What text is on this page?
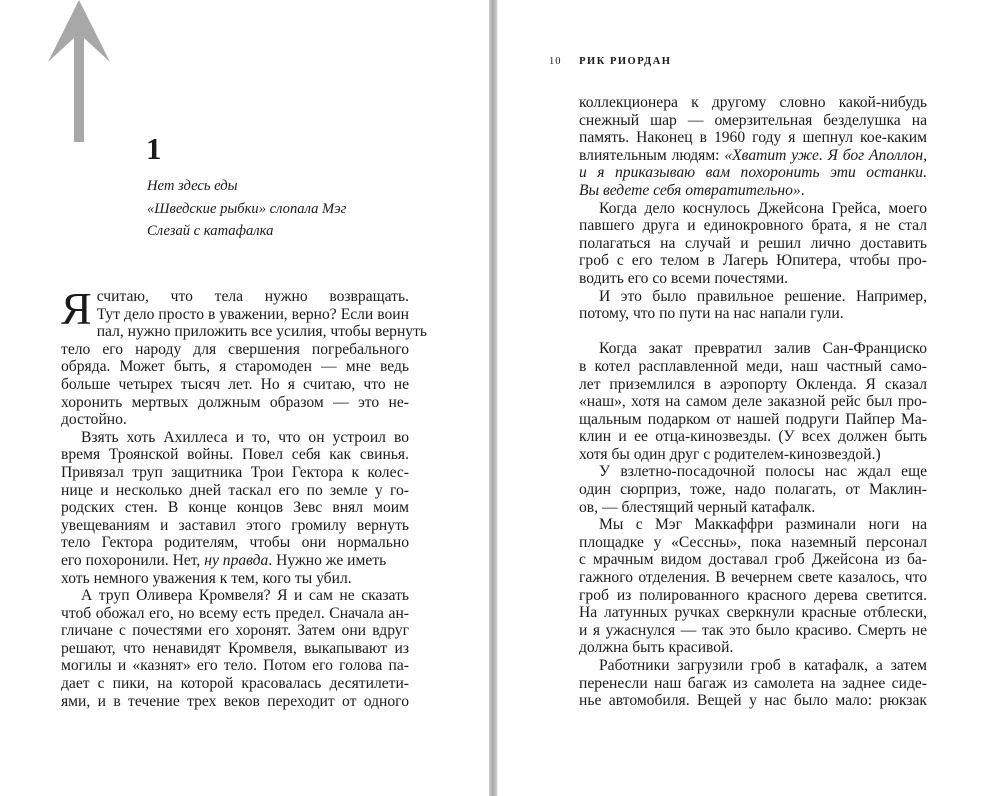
1
Нет здесь еды
«Шведские рыбки» слопала Мэг
Слезай с катафалка
Я считаю, что тела нужно возвращать.
Тут дело просто в уважении, верно? Если воин
пал, нужно приложить все усилия, чтобы вернуть
тело его народу для свершения погребального
обряда. Может быть, я старомоден — мне ведь
больше четырех тысяч лет. Но я считаю, что не
хоронить мертвых должным образом — это не-
достойно.
Взять хоть Ахиллеса и то, что он устроил во
время Троянской войны. Повел себя как свинья.
Привязал труп защитника Трои Гектора к колес-
нице и несколько дней таскал его по земле у го-
родских стен. В конце концов Зевс внял моим
увещеваниям и заставил этого громилу вернуть
тело Гектора родителям, чтобы они нормально
его похоронили. Нет, ну правда. Нужно же иметь
хоть немного уважения к тем, кого ты убил.
А труп Оливера Кромвеля? Я и сам не сказать
чтоб обожал его, но всему есть предел. Сначала ан-
гличане с почестями его хоронят. Затем они вдруг
решают, что ненавидят Кромвеля, выкапывают из
могилы и «казнят» его тело. Потом его голова па-
дает с пики, на которой красовалась десятилети-
ями, и в течение трех веков переходит от одного
10 РИК РИОРДАН
коллекционера к другому словно какой-нибудь
снежный шар — омерзительная безделушка на
память. Наконец в 1960 году я шепнул кое-каким
влиятельным людям: «Хватит уже. Я бог Аполлон,
и я приказываю вам похоронить эти останки.
Вы ведете себя отвратительно».
Когда дело коснулось Джейсона Грейса, моего
павшего друга и единокровного брата, я не стал
полагаться на случай и решил лично доставить
гроб с его телом в Лагерь Юпитера, чтобы про-
водить его со всеми почестями.
И это было правильное решение. Например,
потому, что по пути на нас напали гули.
Когда закат превратил залив Сан-Франциско
в котел расплавленной меди, наш частный само-
лет приземлился в аэропорту Окленда. Я сказал
«наш», хотя на самом деле заказной рейс был про-
щальным подарком от нашей подруги Пайпер Ма-
клин и ее отца-кинозвезды. (У всех должен быть
хотя бы один друг с родителем-кинозвездой.)
У взлетно-посадочной полосы нас ждал еще
один сюрприз, тоже, надо полагать, от Маклин-
ов, — блестящий черный катафалк.
Мы с Мэг Маккаффри разминали ноги на
площадке у «Сессны», пока наземный персонал
с мрачным видом доставал гроб Джейсона из ба-
гажного отделения. В вечернем свете казалось, что
гроб из полированного красного дерева светится.
На латунных ручках сверкнули красные отблески,
и я ужаснулся — так это было красиво. Смерть не
должна быть красивой.
Работники загрузили гроб в катафалк, а затем
перенесли наш багаж из самолета на заднее сиде-
нье автомобиля. Вещей у нас было мало: рюкзак
